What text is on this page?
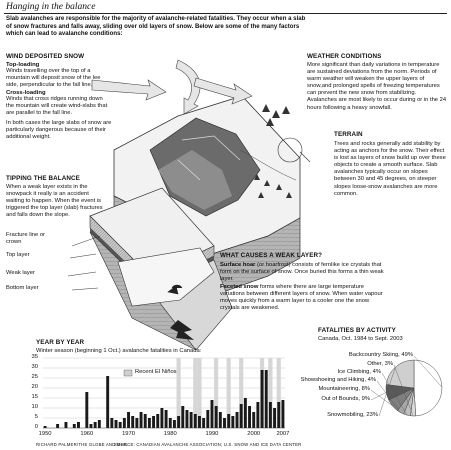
Hanging in the balance
Slab avalanches are responsible for the majority of avalanche-related fatalities. They occur when a slab of snow fractures and falls away, sliding over old layers of snow. Below are some of the many factors which can lead to avalanche conditions:
WIND DEPOSITED SNOW
Top-loading
Winds travelling over the top of a mountain will deposit snow of the lee side, perpendicular to the fall line.
Cross-loading
Winds that cross ridges running down the mountain will create wind-slabs that are parallel to the fall line.
In both cases the large slabs of snow are particularly dangerous because of their additional weight.
TIPPING THE BALANCE
When a weak layer exists in the snowpack it really is an accident waiting to happen. When the event is triggered the top layer (slab) fractures and falls down the slope.
Fracture line or crown
Top layer
Weak layer
Bottom layer
WEATHER CONDITIONS
More significant than daily variations in temperature are sustained deviations from the norm. Periods of warm weather will weaken the upper layers of snow,and prolonged spells of freezing temperatures can prevent the new snow from stabilizing. Avalanches are most likely to occur during or in the 24 hours following a heavy snowfall.
TERRAIN
Trees and rocks generally add stability by acting as anchors for the snow. Their effect is lost as layers of snow build up over these objects to create a smooth surface. Slab avalanches typically occur on slopes between 30 and 45 degrees, on steeper slopes loose-snow avalanches are more common.
WHAT CAUSES A WEAK LAYER?
Surface hoar (or hoarfrost) consists of fernlike ice crystals that form on the surface of snow. Once buried this forms a thin weak layer.
Faceted snow forms where there are large temperature variations between different layers of snow. When water vapour moves quickly from a warm layer to a cooler one the snow crystals are weakened.
YEAR BY YEAR
Winter season (beginning 1 Oct.) avalanche fatalities in Canada:
Recent El Niños
35
30
25
20
15
10
5
0
1950	1960	1970	1980	1990	2000	2007
FATALITIES BY ACTIVITY
Canada, Oct. 1984 to Sept. 2003
Backcountry Skiing, 49%
Other, 3%
Ice Climbing, 4%
Showshoeing and Hiking, 4%
Mountaineering, 8%
Out of Bounds, 9%
Snowmobiling, 23%
RICHARD PALMER/THE GLOBE AND MAIL
SOURCE: CANADIAN AVALANCHE ASSOCIATION; U.S. SNOW AND ICE DATA CENTER
